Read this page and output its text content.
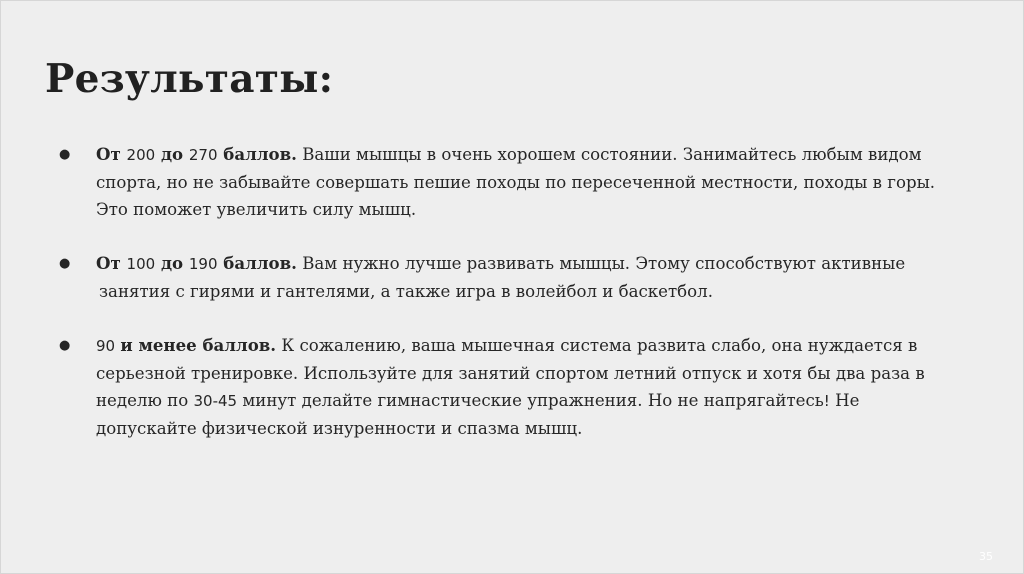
Результаты:
● От 200 до 270 баллов. Ваши мышцы в очень хорошем состоянии. Занимайтесь любым видом
спорта, но не забывайте совершать пешие походы по пересеченной местности, походы в горы.
Это поможет увеличить силу мышц.
● От 100 до 190 баллов. Вам нужно лучше развивать мышцы. Этому способствуют активные
занятия с гирями и гантелями, а также игра в волейбол и баскетбол.
● 90 и менее баллов. К сожалению, ваша мышечная система развита слабо, она нуждается в
серьезной тренировке. Используйте для занятий спортом летний отпуск и хотя бы два раза в
неделю по 30-45 минут делайте гимнастические упражнения. Но не напрягайтесь! Не
допускайте физической изнуренности и спазма мышц.
35
